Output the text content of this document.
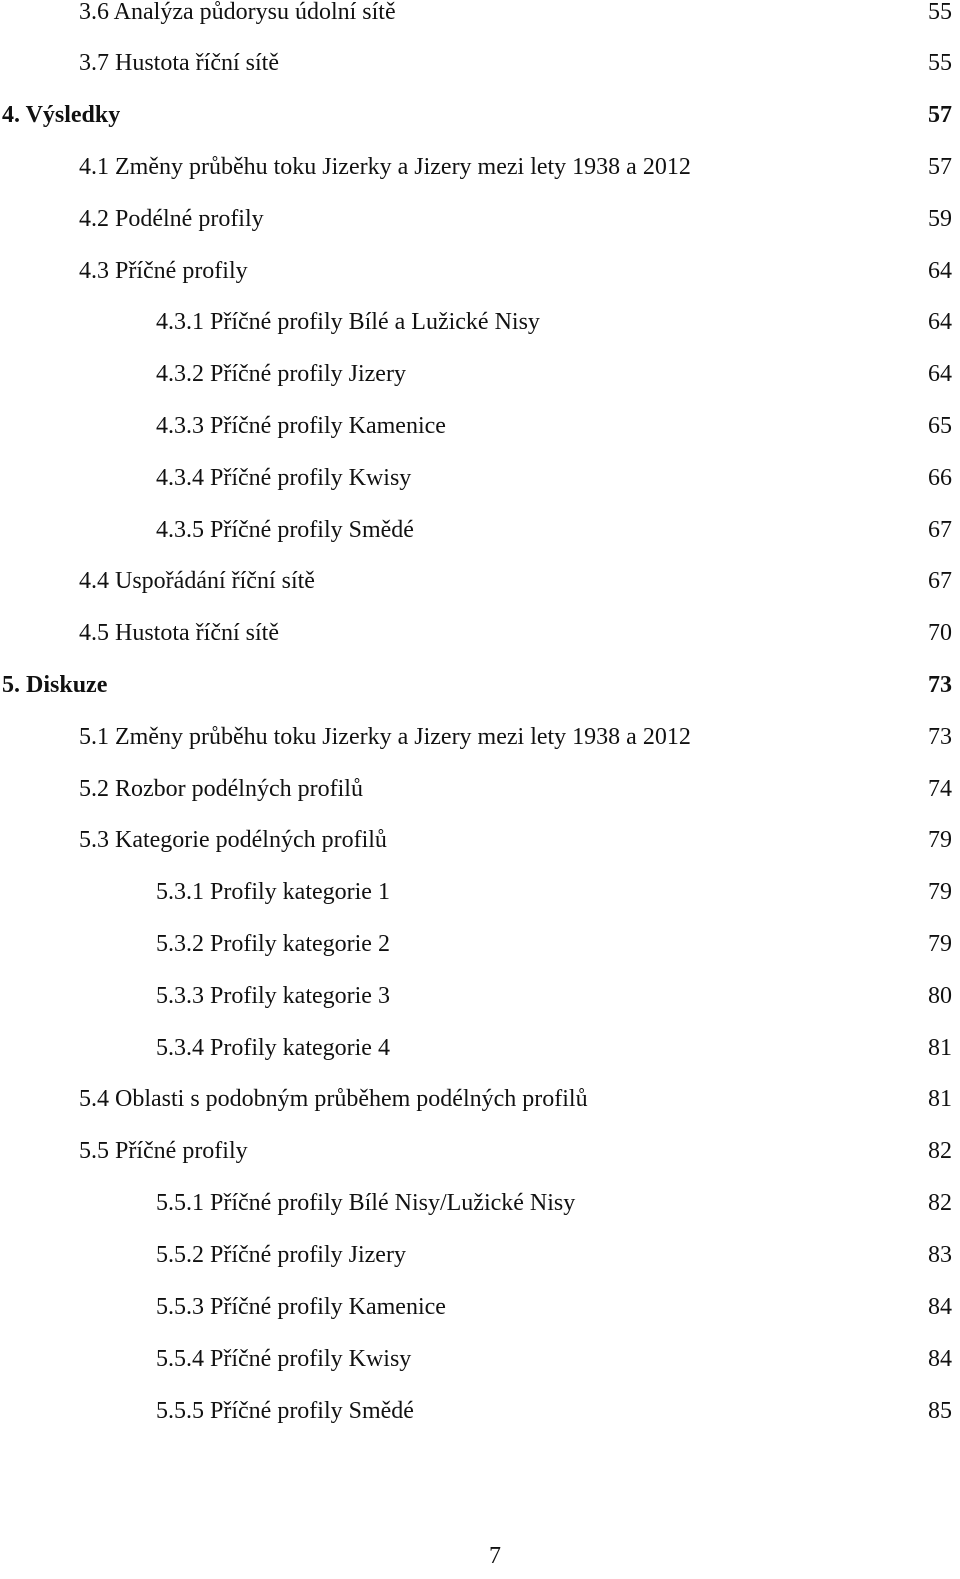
3.6 Analýza půdorysu údolní sítě	55
3.7 Hustota říční sítě	55
4. Výsledky	57
4.1 Změny průběhu toku Jizerky a Jizery mezi lety 1938 a 2012	57
4.2 Podélné profily	59
4.3 Příčné profily	64
4.3.1 Příčné profily Bílé a Lužické Nisy	64
4.3.2 Příčné profily Jizery	64
4.3.3 Příčné profily Kamenice	65
4.3.4 Příčné profily Kwisy	66
4.3.5 Příčné profily Smědé	67
4.4 Uspořádání říční sítě	67
4.5 Hustota říční sítě	70
5. Diskuze	73
5.1 Změny průběhu toku Jizerky a Jizery mezi lety 1938 a 2012	73
5.2 Rozbor podélných profilů	74
5.3 Kategorie podélných profilů	79
5.3.1 Profily kategorie 1	79
5.3.2 Profily kategorie 2	79
5.3.3 Profily kategorie 3	80
5.3.4 Profily kategorie 4	81
5.4 Oblasti s podobným průběhem podélných profilů	81
5.5 Příčné profily	82
5.5.1 Příčné profily Bílé Nisy/Lužické Nisy	82
5.5.2 Příčné profily Jizery	83
5.5.3 Příčné profily Kamenice	84
5.5.4 Příčné profily Kwisy	84
5.5.5 Příčné profily Smědé	85
7
